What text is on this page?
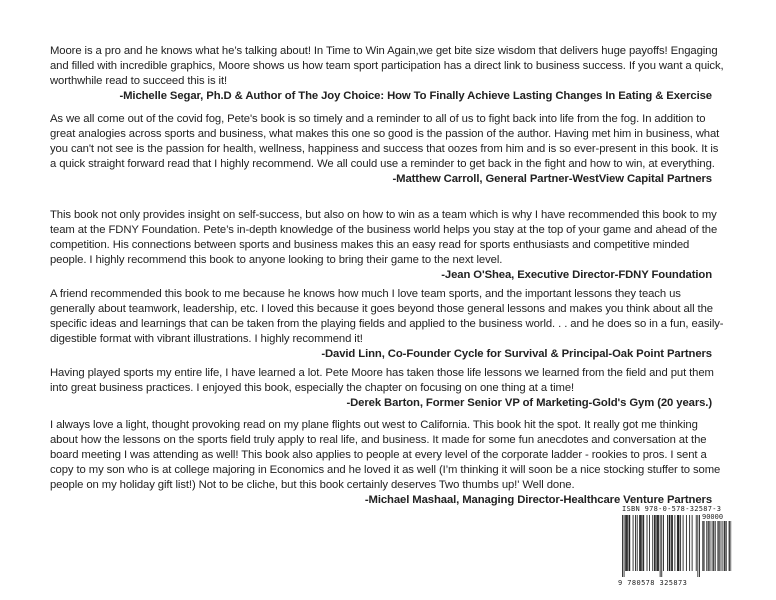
Moore is a pro and he knows what he’s talking about! In Time to Win Again,we get bite size wisdom that delivers huge payoffs! Engaging and filled with incredible graphics, Moore shows us how team sport participation has a direct link to business success. If you want a quick, worthwhile read to succeed this is it!

-Michelle Segar, Ph.D & Author of The Joy Choice: How To Finally Achieve Lasting Changes In Eating & Exercise

As we all come out of the covid fog, Pete's book is so timely and a reminder to all of us to fight back into life from the fog. In addition to great analogies across sports and business, what makes this one so good is the passion of the author. Having met him in business, what you can't not see is the passion for health, wellness, happiness and success that oozes from him and is so ever-present in this book. It is a quick straight forward read that I highly recommend. We all could use a reminder to get back in the fight and how to win, at everything.

-Matthew Carroll, General Partner-WestView Capital Partners

This book not only provides insight on self-success, but also on how to win as a team which is why I have recommended this book to my team at the FDNY Foundation. Pete’s in-depth knowledge of the business world helps you stay at the top of your game and ahead of the competition. His connections between sports and business makes this an easy read for sports enthusiasts and competitive minded people. I highly recommend this book to anyone looking to bring their game to the next level.

-Jean O'Shea, Executive Director-FDNY Foundation

A friend recommended this book to me because he knows how much I love team sports, and the important lessons they teach us generally about teamwork, leadership, etc. I loved this because it goes beyond those general lessons and makes you think about all the specific ideas and learnings that can be taken from the playing fields and applied to the business world. . . and he does so in a fun, easily-digestible format with vibrant illustrations. I highly recommend it!

-David Linn, Co-Founder Cycle for Survival & Principal-Oak Point Partners

Having played sports my entire life, I have learned a lot. Pete Moore has taken those life lessons we learned from the field and put them into great business practices. I enjoyed this book, especially the chapter on focusing on one thing at a time!

-Derek Barton, Former Senior VP of Marketing-Gold's Gym (20 years.)

I always love a light, thought provoking read on my plane flights out west to California. This book hit the spot. It really got me thinking about how the lessons on the sports field truly apply to real life, and business. It made for some fun anecdotes and conversation at the board meeting I was attending as well! This book also applies to people at every level of the corporate ladder - rookies to pros. I sent a copy to my son who is at college majoring in Economics and he loved it as well (I’m thinking it will soon be a nice stocking stuffer to some people on my holiday gift list!) Not to be cliche, but this book certainly deserves Two thumbs up!' Well done.

-Michael Mashaal, Managing Director-Healthcare Venture Partners
ISBN 978-0-578-32587-3
90000
9 780578 325873
